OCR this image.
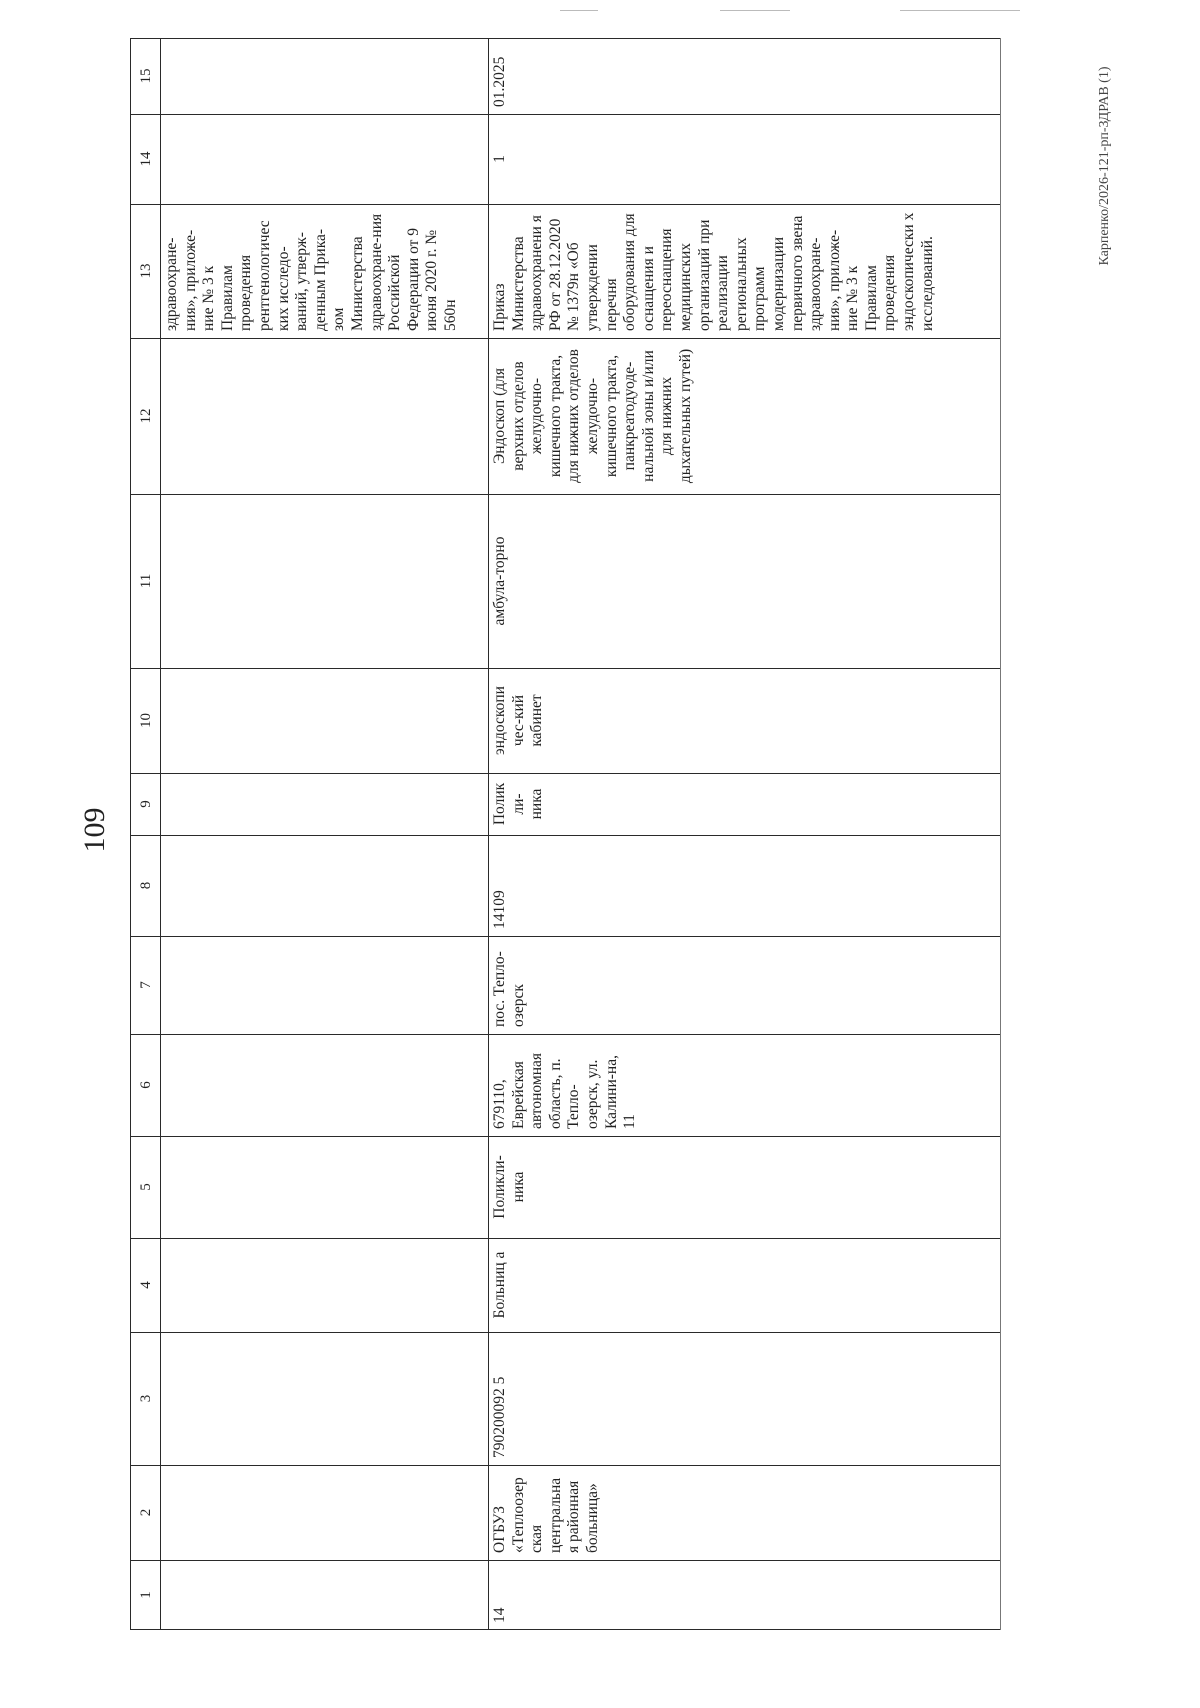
109
Карпенко/2026-121-рп-ЗДРАВ (1)
1
2
3
4
5
6
7
8
9
10
11
12
13
14
15
здравоохране-ния», приложе-ние № 3 к Правилам проведения рентгенологичес ких исследо-ваний, утверж-денным Прика-зом Министерства здравоохране-ния Российской Федерации от 9 июня 2020 г. № 560н
14
ОГБУЗ «Теплоозерская центральная районная больница»
790200092 5
Больниц а
Поликли-ника
679110, Еврейская автономная область, п. Тепло-озерск, ул. Калини-на, 11
пос. Тепло-озерск
14109
Поликли-ника
эндоскопи чес-кий кабинет
амбула-торно
Эндоскоп (для верхних отделов желудочно-кишечного тракта, для нижних отделов желудочно-кишечного тракта, панкреатодуоде-нальной зоны и/или для нижних дыхательных путей)
Приказ Министерства здравоохранени я РФ от 28.12.2020 № 1379н «Об утверждении перечня оборудования для оснащения и переоснащения медицинских организаций при реализации региональных программ модернизации первичного звена здравоохране-ния», приложе-ние № 3 к Правилам проведения эндоскопически х исследований.
1
01.2025
